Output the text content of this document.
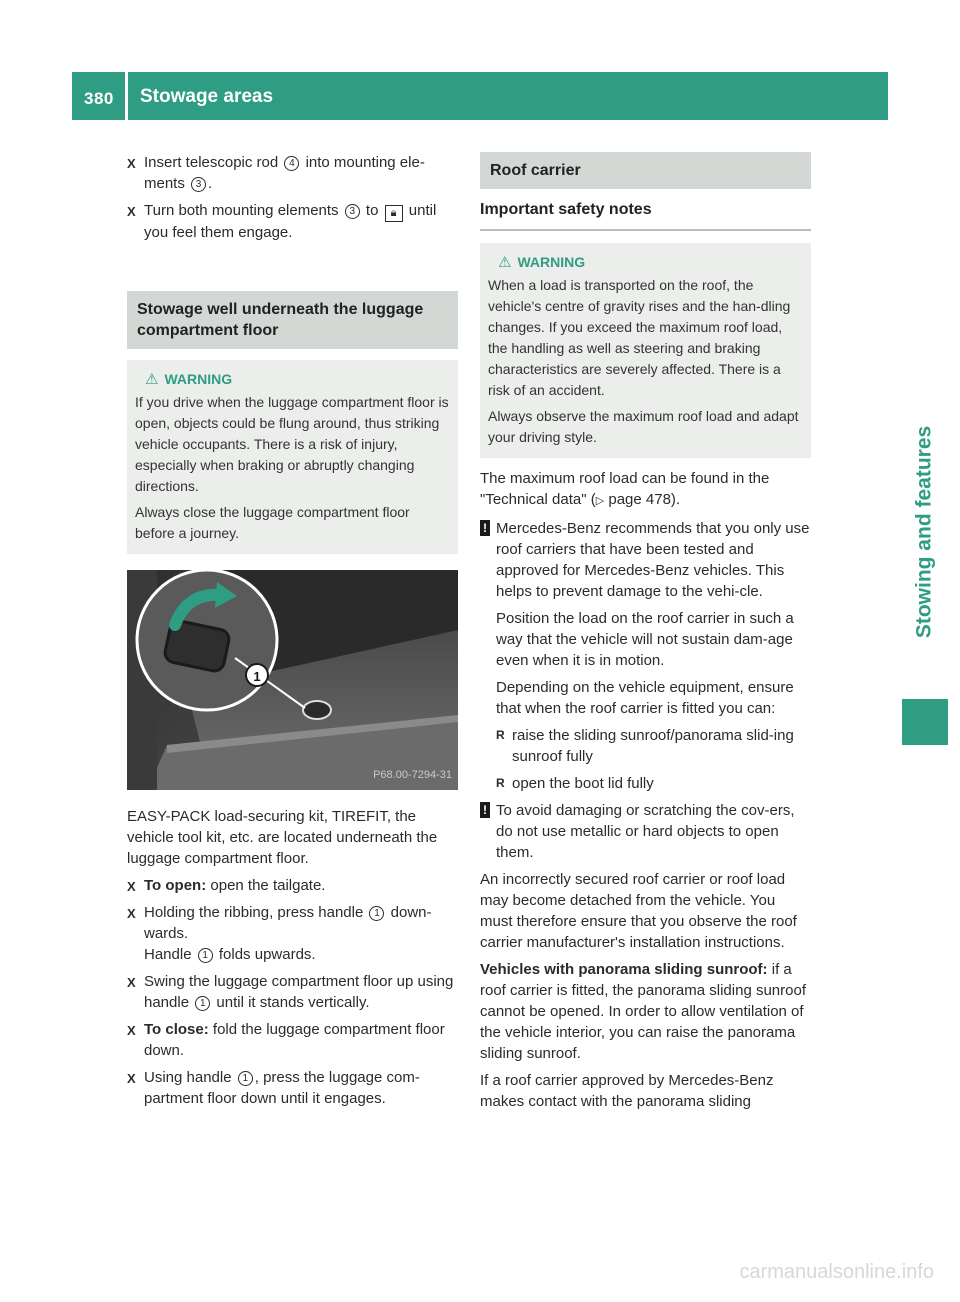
380 Stowage areas
Stowing and features
X Insert telescopic rod 4 into mounting ele-ments 3 .
X Turn both mounting elements 3 to 🔒︎ until you feel them engage.
Stowage well underneath the luggage compartment floor
⚠ WARNING

If you drive when the luggage compartment floor is open, objects could be flung around, thus striking vehicle occupants. There is a risk of injury, especially when braking or abruptly changing directions.

Always close the luggage compartment floor before a journey.

1
P68.00-7294-31

EASY-PACK load-securing kit, TIREFIT, the vehicle tool kit, etc. are located underneath the luggage compartment floor.

X To open: open the tailgate.
X Holding the ribbing, press handle 1 down-wards.
Handle 1 folds upwards.
X Swing the luggage compartment floor up using handle 1 until it stands vertically.
X To close: fold the luggage compartment floor down.
X Using handle 1 , press the luggage com-partment floor down until it engages.
Roof carrier
Important safety notes
⚠ WARNING

When a load is transported on the roof, the vehicle's centre of gravity rises and the han-dling changes. If you exceed the maximum roof load, the handling as well as steering and braking characteristics are severely affected. There is a risk of an accident.

Always observe the maximum roof load and adapt your driving style.

The maximum roof load can be found in the "Technical data" (▷ page 478).

! Mercedes-Benz recommends that you only use roof carriers that have been tested and approved for Mercedes-Benz vehicles. This helps to prevent damage to the vehi-cle.

Position the load on the roof carrier in such a way that the vehicle will not sustain dam-age even when it is in motion.

Depending on the vehicle equipment, ensure that when the roof carrier is fitted you can:

R raise the sliding sunroof/panorama slid-ing sunroof fully
R open the boot lid fully
! To avoid damaging or scratching the cov-ers, do not use metallic or hard objects to open them.

An incorrectly secured roof carrier or roof load may become detached from the vehicle. You must therefore ensure that you observe the roof carrier manufacturer's installation instructions.

Vehicles with panorama sliding sunroof: if a roof carrier is fitted, the panorama sliding sunroof cannot be opened. In order to allow ventilation of the vehicle interior, you can raise the panorama sliding sunroof.

If a roof carrier approved by Mercedes-Benz makes contact with the panorama sliding

carmanualsonline.info
